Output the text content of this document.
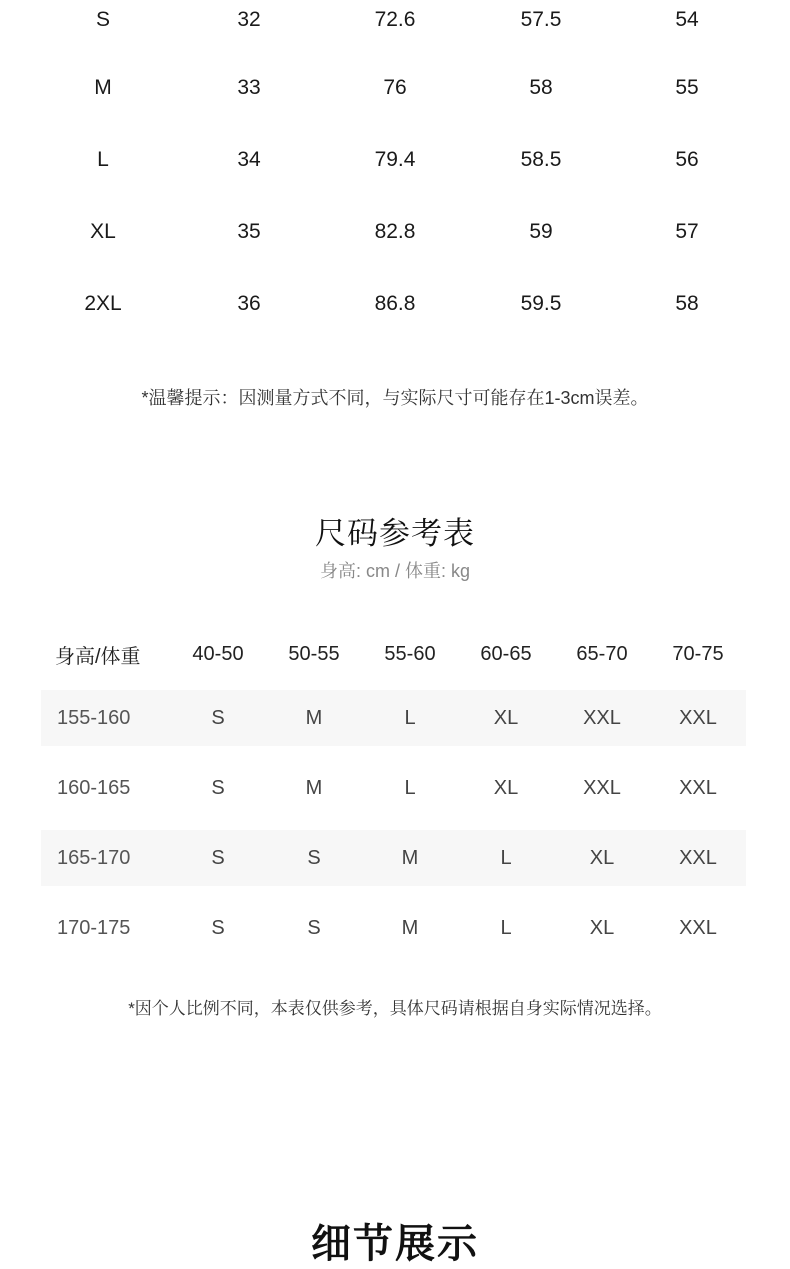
S	32	72.6	57.5	54
M	33	76	58	55
L	34	79.4	58.5	56
XL	35	82.8	59	57
2XL	36	86.8	59.5	58
*温馨提示：因测量方式不同，与实际尺寸可能存在1-3cm误差。
尺码参考表
身高: cm / 体重: kg
身高/体重	40-50	50-55	55-60	60-65	65-70	70-75
155-160	S	M	L	XL	XXL	XXL
160-165	S	M	L	XL	XXL	XXL
165-170	S	S	M	L	XL	XXL
170-175	S	S	M	L	XL	XXL
*因个人比例不同，本表仅供参考，具体尺码请根据自身实际情况选择。
细节展示
